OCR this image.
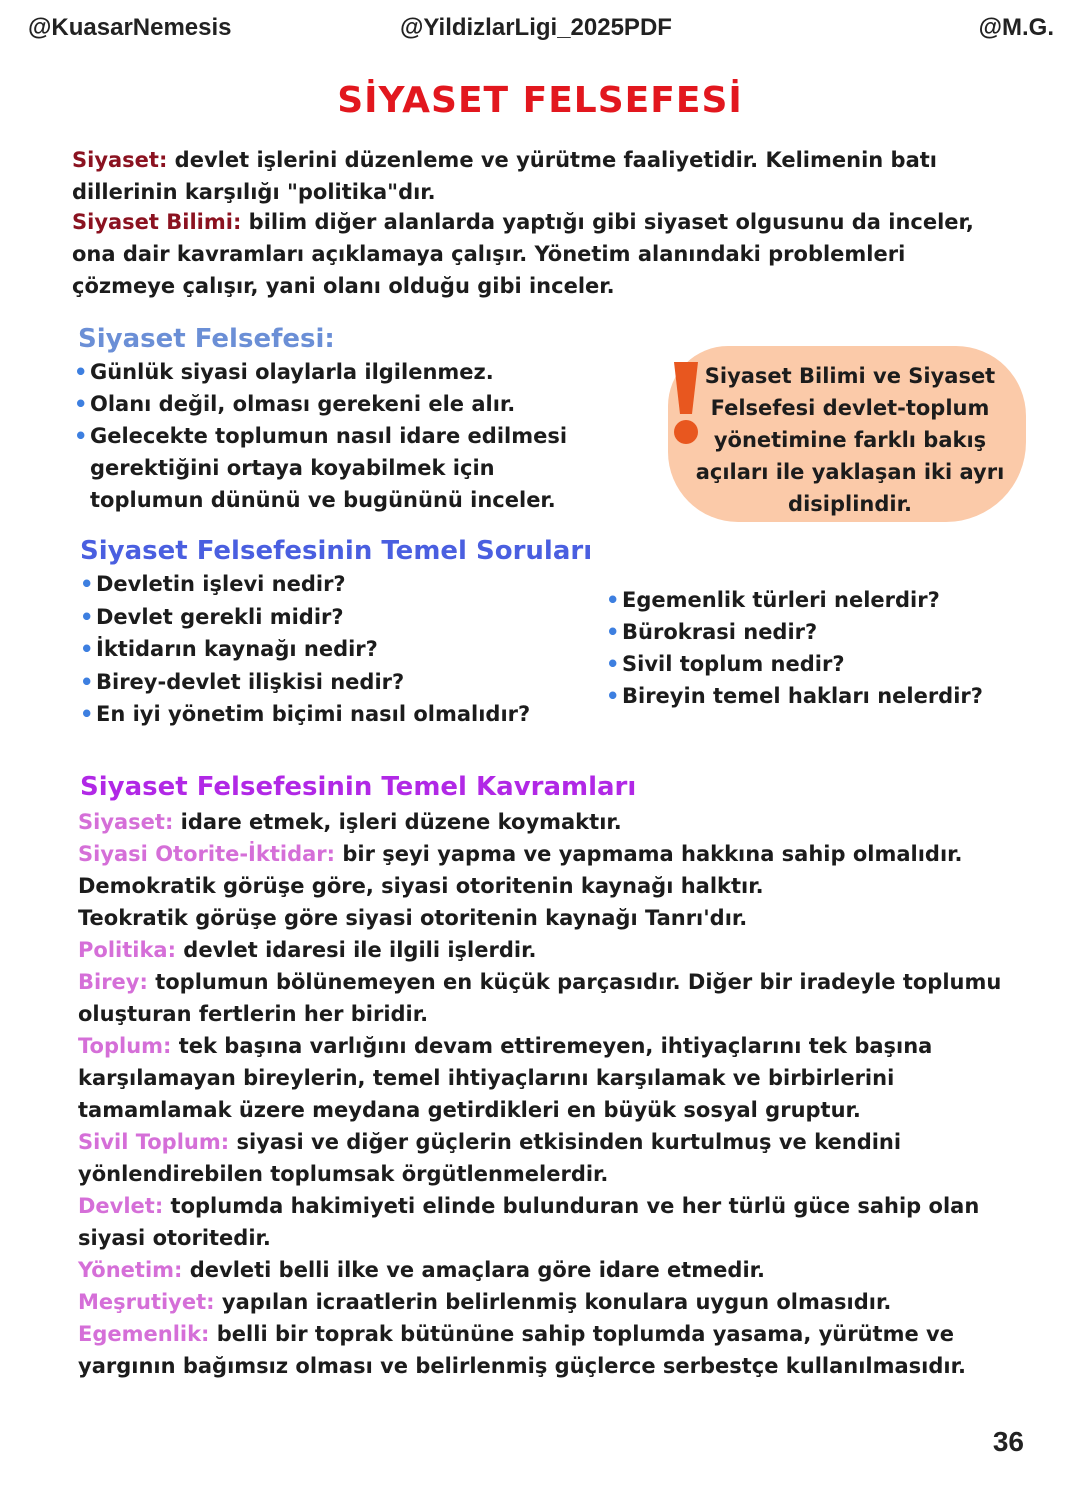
@KuasarNemesis	@YildizlarLigi_2025PDF	@M.G.
SİYASET FELSEFESİ
Siyaset: devlet işlerini düzenleme ve yürütme faaliyetidir. Kelimenin batı dillerinin karşılığı "politika"dır.
Siyaset Bilimi: bilim diğer alanlarda yaptığı gibi siyaset olgusunu da inceler, ona dair kavramları açıklamaya çalışır. Yönetim alanındaki problemleri çözmeye çalışır, yani olanı olduğu gibi inceler.
Siyaset Felsefesi:
• Günlük siyasi olaylarla ilgilenmez.
• Olanı değil, olması gerekeni ele alır.
• Gelecekte toplumun nasıl idare edilmesi gerektiğini ortaya koyabilmek için toplumun dününü ve bugününü inceler.
Siyaset Bilimi ve Siyaset Felsefesi devlet-toplum yönetimine farklı bakış açıları ile yaklaşan iki ayrı disiplindir.
Siyaset Felsefesinin Temel Soruları
• Devletin işlevi nedir?
• Devlet gerekli midir?
• İktidarın kaynağı nedir?
• Birey-devlet ilişkisi nedir?
• En iyi yönetim biçimi nasıl olmalıdır?
• Egemenlik türleri nelerdir?
• Bürokrasi nedir?
• Sivil toplum nedir?
• Bireyin temel hakları nelerdir?
Siyaset Felsefesinin Temel Kavramları

Siyaset: idare etmek, işleri düzene koymaktır.

Siyasi Otorite-İktidar: bir şeyi yapma ve yapmama hakkına sahip olmalıdır.

Demokratik görüşe göre, siyasi otoritenin kaynağı halktır.

Teokratik görüşe göre siyasi otoritenin kaynağı Tanrı'dır.

Politika: devlet idaresi ile ilgili işlerdir.

Birey: toplumun bölünemeyen en küçük parçasıdır. Diğer bir iradeyle toplumu oluşturan fertlerin her biridir.

Toplum: tek başına varlığını devam ettiremeyen, ihtiyaçlarını tek başına karşılamayan bireylerin, temel ihtiyaçlarını karşılamak ve birbirlerini tamamlamak üzere meydana getirdikleri en büyük sosyal gruptur.

Sivil Toplum: siyasi ve diğer güçlerin etkisinden kurtulmuş ve kendini yönlendirebilen toplumsak örgütlenmelerdir.

Devlet: toplumda hakimiyeti elinde bulunduran ve her türlü güce sahip olan siyasi otoritedir.

Yönetim: devleti belli ilke ve amaçlara göre idare etmedir.

Meşrutiyet: yapılan icraatlerin belirlenmiş konulara uygun olmasıdır.

Egemenlik: belli bir toprak bütününe sahip toplumda yasama, yürütme ve yargının bağımsız olması ve belirlenmiş güçlerce serbestçe kullanılmasıdır.

36
